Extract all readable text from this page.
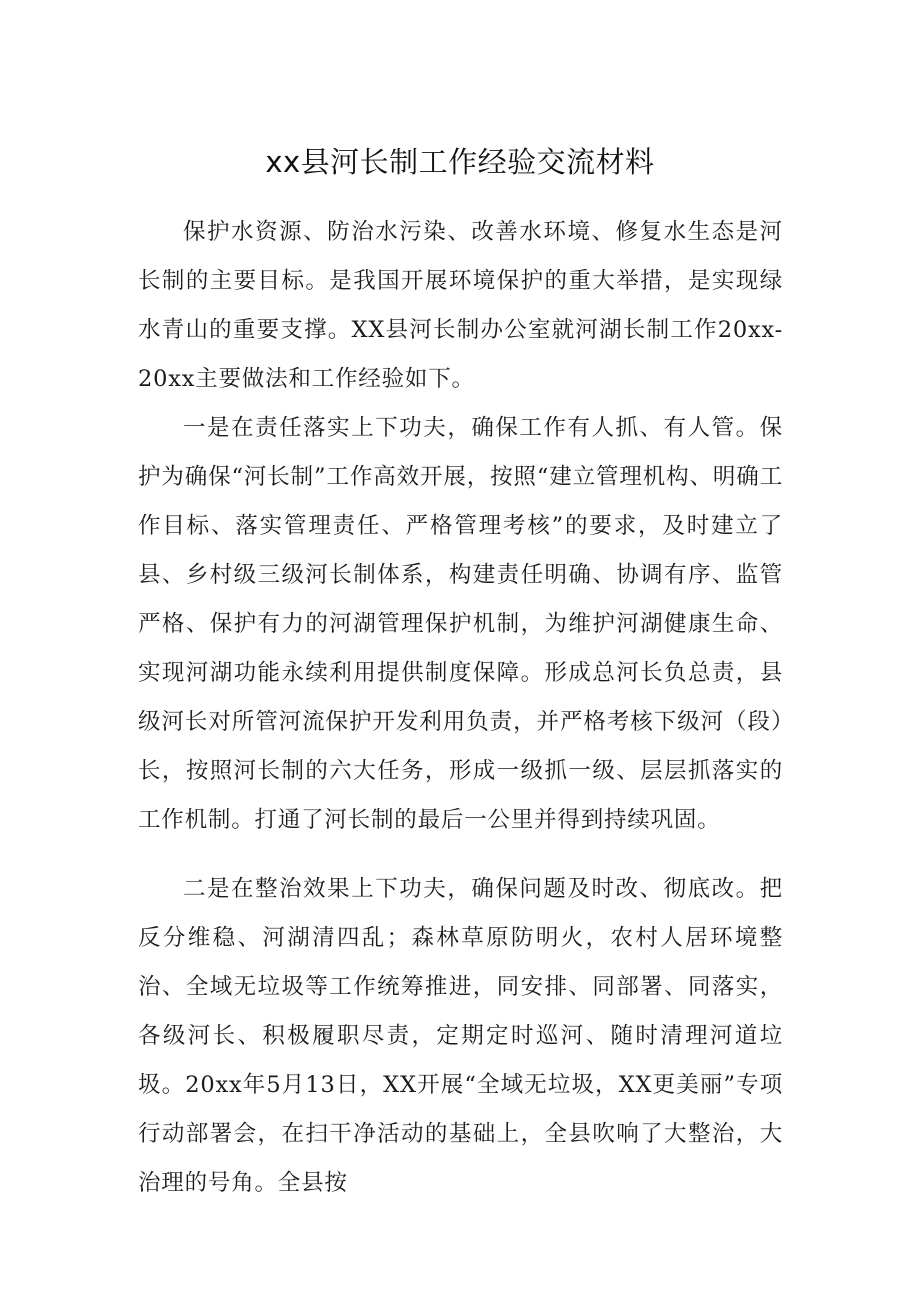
xx县河长制工作经验交流材料

保护水资源、防治水污染、改善水环境、修复水生态是河长制的主要目标。是我国开展环境保护的重大举措，是实现绿水青山的重要支撑。XX县河长制办公室就河湖长制工作20xx-20xx主要做法和工作经验如下。

一是在责任落实上下功夫，确保工作有人抓、有人管。保护为确保“河长制”工作高效开展，按照“建立管理机构、明确工作目标、落实管理责任、严格管理考核”的要求，及时建立了县、乡村级三级河长制体系，构建责任明确、协调有序、监管严格、保护有力的河湖管理保护机制，为维护河湖健康生命、实现河湖功能永续利用提供制度保障。形成总河长负总责，县级河长对所管河流保护开发利用负责，并严格考核下级河（段）长，按照河长制的六大任务，形成一级抓一级、层层抓落实的工作机制。打通了河长制的最后一公里并得到持续巩固。

二是在整治效果上下功夫，确保问题及时改、彻底改。把反分维稳、河湖清四乱；森林草原防明火，农村人居环境整治、全域无垃圾等工作统筹推进，同安排、同部署、同落实，各级河长、积极履职尽责，定期定时巡河、随时清理河道垃圾。20xx年5月13日，XX开展“全域无垃圾，XX更美丽”专项行动部署会，在扫干净活动的基础上，全县吹响了大整治，大治理的号角。全县按
